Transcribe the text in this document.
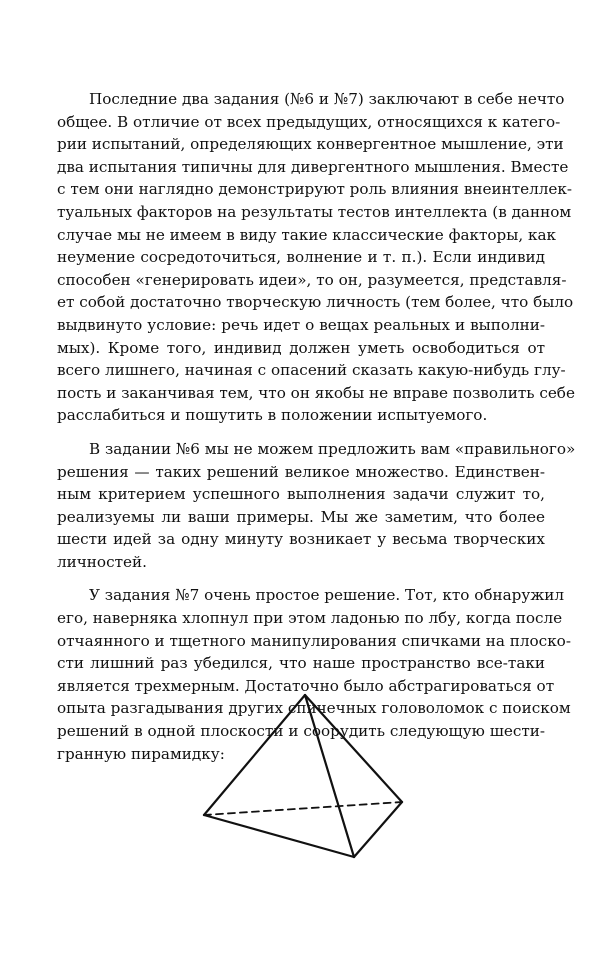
Последние два задания (№6 и №7) заключают в себе нечто
общее. В отличие от всех предыдущих, относящихся к катего-
рии испытаний, определяющих конвергентное мышление, эти
два испытания типичны для дивергентного мышления. Вместе
с тем они наглядно демонстрируют роль влияния внеинтеллек-
туальных факторов на результаты тестов интеллекта (в данном
случае мы не имеем в виду такие классические факторы, как
неумение сосредоточиться, волнение и т. п.). Если индивид
способен «генерировать идеи», то он, разумеется, представля-
ет собой достаточно творческую личность (тем более, что было
выдвинуто условие: речь идет о вещах реальных и выполни-
мых). Кроме того, индивид должен уметь освободиться от
всего лишнего, начиная с опасений сказать какую-нибудь глу-
пость и заканчивая тем, что он якобы не вправе позволить себе
расслабиться и пошутить в положении испытуемого.
В задании №6 мы не можем предложить вам «правильного»
решения — таких решений великое множество. Единствен-
ным критерием успешного выполнения задачи служит то,
реализуемы ли ваши примеры. Мы же заметим, что более
шести идей за одну минуту возникает у весьма творческих
личностей.
У задания №7 очень простое решение. Тот, кто обнаружил
его, наверняка хлопнул при этом ладонью по лбу, когда после
отчаянного и тщетного манипулирования спичками на плоско-
сти лишний раз убедился, что наше пространство все-таки
является трехмерным. Достаточно было абстрагироваться от
опыта разгадывания других спичечных головоломок с поиском
решений в одной плоскости и соорудить следующую шести-
гранную пирамидку:
